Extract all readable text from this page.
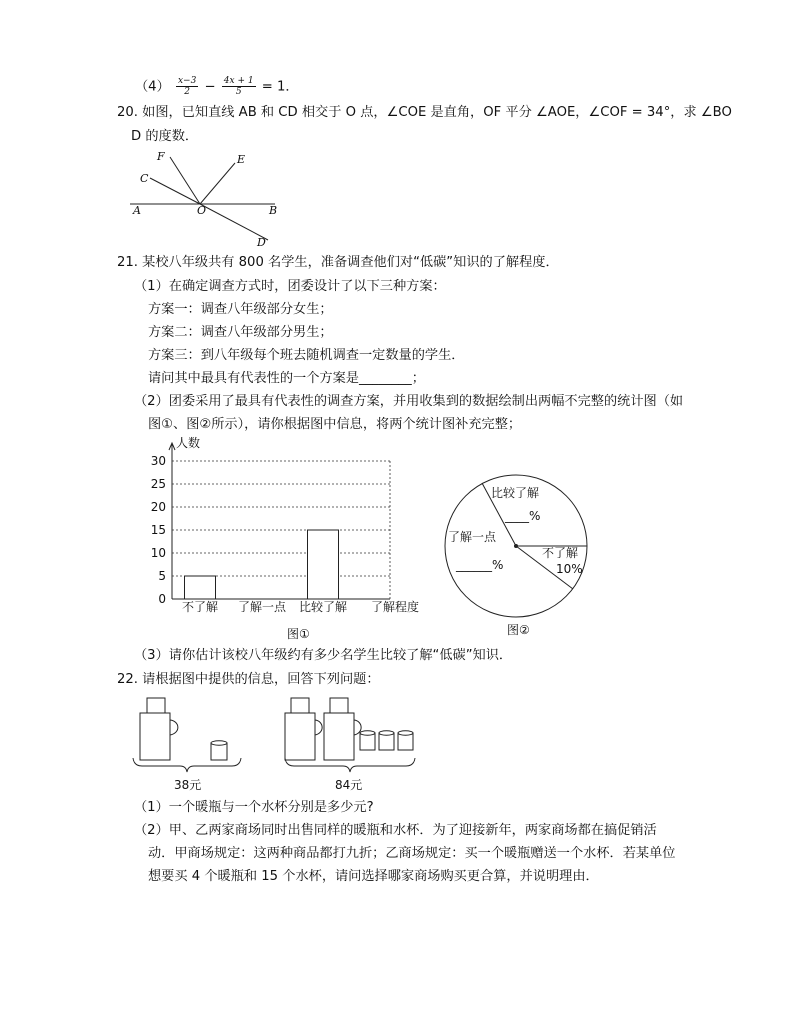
$(4) \frac{x-3}{2} - \frac{4x + 1}{5} = 1$．
20. 如图，已知直线 AB 和 CD 相交于 O 点，∠COE 是直角，OF 平分 ∠AOE，∠COF = 34°，求 ∠BO
D 的度数．
F	E
C
A	O	B
D
21. 某校八年级共有 800 名学生，准备调查他们对“低碳”知识的了解程度．
（1）在确定调查方式时，团委设计了以下三种方案：
方案一：调查八年级部分女生；
方案二：调查八年级部分男生；
方案三：到八年级每个班去随机调查一定数量的学生．
请问其中最具有代表性的一个方案是________；
（2）团委采用了最具有代表性的调查方案，并用收集到的数据绘制出两幅不完整的统计图（如
图①、图②所示），请你根据图中信息，将两个统计图补充完整；
0
5
10
15
20
25
30
不了解 了解一点 比较了解
人数
了解程度
图①
比较了解
____%
了解一点
______%
不了解
10%
图②
（3）请你估计该校八年级约有多少名学生比较了解“低碳”知识．
22. 请根据图中提供的信息，回答下列问题：
38元	84元
（1）一个暖瓶与一个水杯分别是多少元?
（2）甲、乙两家商场同时出售同样的暖瓶和水杯．为了迎接新年，两家商场都在搞促销活
动．甲商场规定：这两种商品都打九折；乙商场规定：买一个暖瓶赠送一个水杯．若某单位
想要买 4 个暖瓶和 15 个水杯，请问选择哪家商场购买更合算，并说明理由．
